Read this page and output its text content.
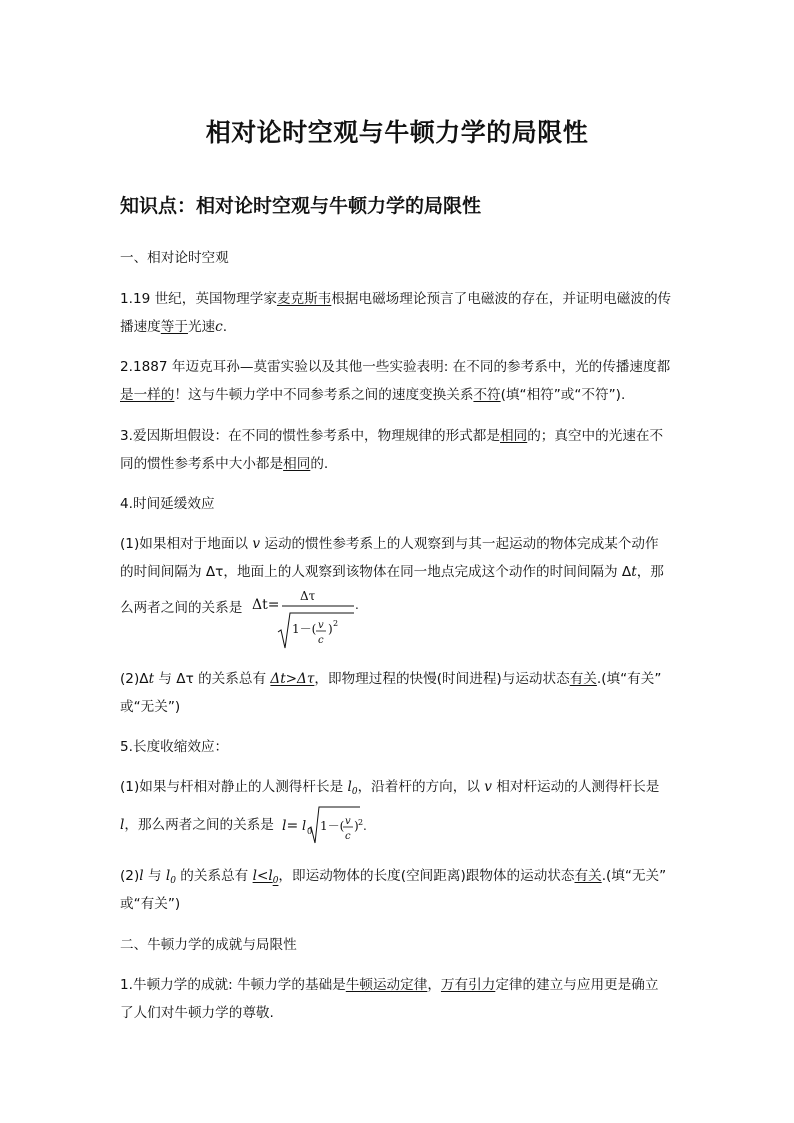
相对论时空观与牛顿力学的局限性
知识点：相对论时空观与牛顿力学的局限性
一、相对论时空观
1.19 世纪，英国物理学家麦克斯韦根据电磁场理论预言了电磁波的存在，并证明电磁波的传
播速度等于光速c.
2.1887 年迈克耳孙—莫雷实验以及其他一些实验表明: 在不同的参考系中，光的传播速度都
是一样的！这与牛顿力学中不同参考系之间的速度变换关系不符(填“相符”或“不符”).
3.爱因斯坦假设：在不同的惯性参考系中，物理规律的形式都是相同的；真空中的光速在不
同的惯性参考系中大小都是相同的.
4.时间延缓效应
(1)如果相对于地面以 v 运动的惯性参考系上的人观察到与其一起运动的物体完成某个动作
的时间间隔为 Δτ，地面上的人观察到该物体在同一地点完成这个动作的时间间隔为 Δt，那
么两者之间的关系是 Δt=
Δτ
1－( v
c
) 2
.
(2)Δt 与 Δτ 的关系总有 Δt>Δτ，即物理过程的快慢(时间进程)与运动状态有关.(填“有关”
或“无关”)
5.长度收缩效应：
(1)如果与杆相对静止的人测得杆长是 $l_0$，沿着杆的方向，以 v 相对杆运动的人测得杆长是
l，那么两者之间的关系是 l= l 0 1－( v
c
) 2 .
(2)l 与 $l_0$ 的关系总有 $l<l_0$，即运动物体的长度(空间距离)跟物体的运动状态有关.(填“无关”
或“有关”)
二、牛顿力学的成就与局限性
1.牛顿力学的成就: 牛顿力学的基础是牛顿运动定律，万有引力定律的建立与应用更是确立
了人们对牛顿力学的尊敬.
